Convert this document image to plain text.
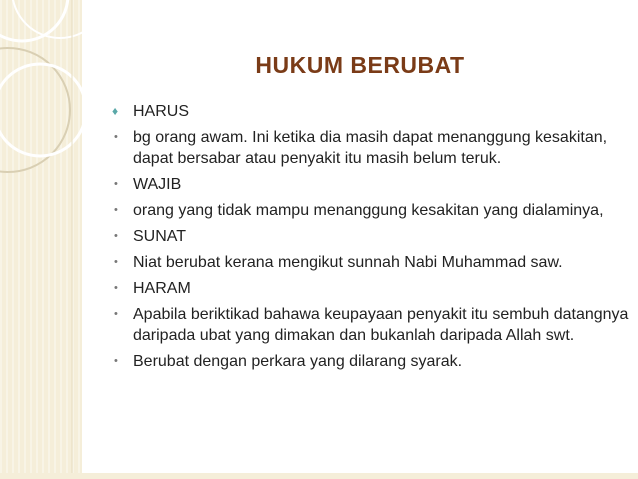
HUKUM BERUBAT
♦ HARUS
• bg orang awam. Ini ketika dia masih dapat menanggung kesakitan, dapat bersabar atau penyakit itu masih belum teruk.
• WAJIB
• orang yang tidak mampu menanggung kesakitan yang dialaminya,
• SUNAT
• Niat berubat kerana mengikut sunnah Nabi Muhammad saw.
• HARAM
• Apabila beriktikad bahawa keupayaan penyakit itu sembuh datangnya daripada ubat yang dimakan dan bukanlah daripada Allah swt.
• Berubat dengan perkara yang dilarang syarak.
